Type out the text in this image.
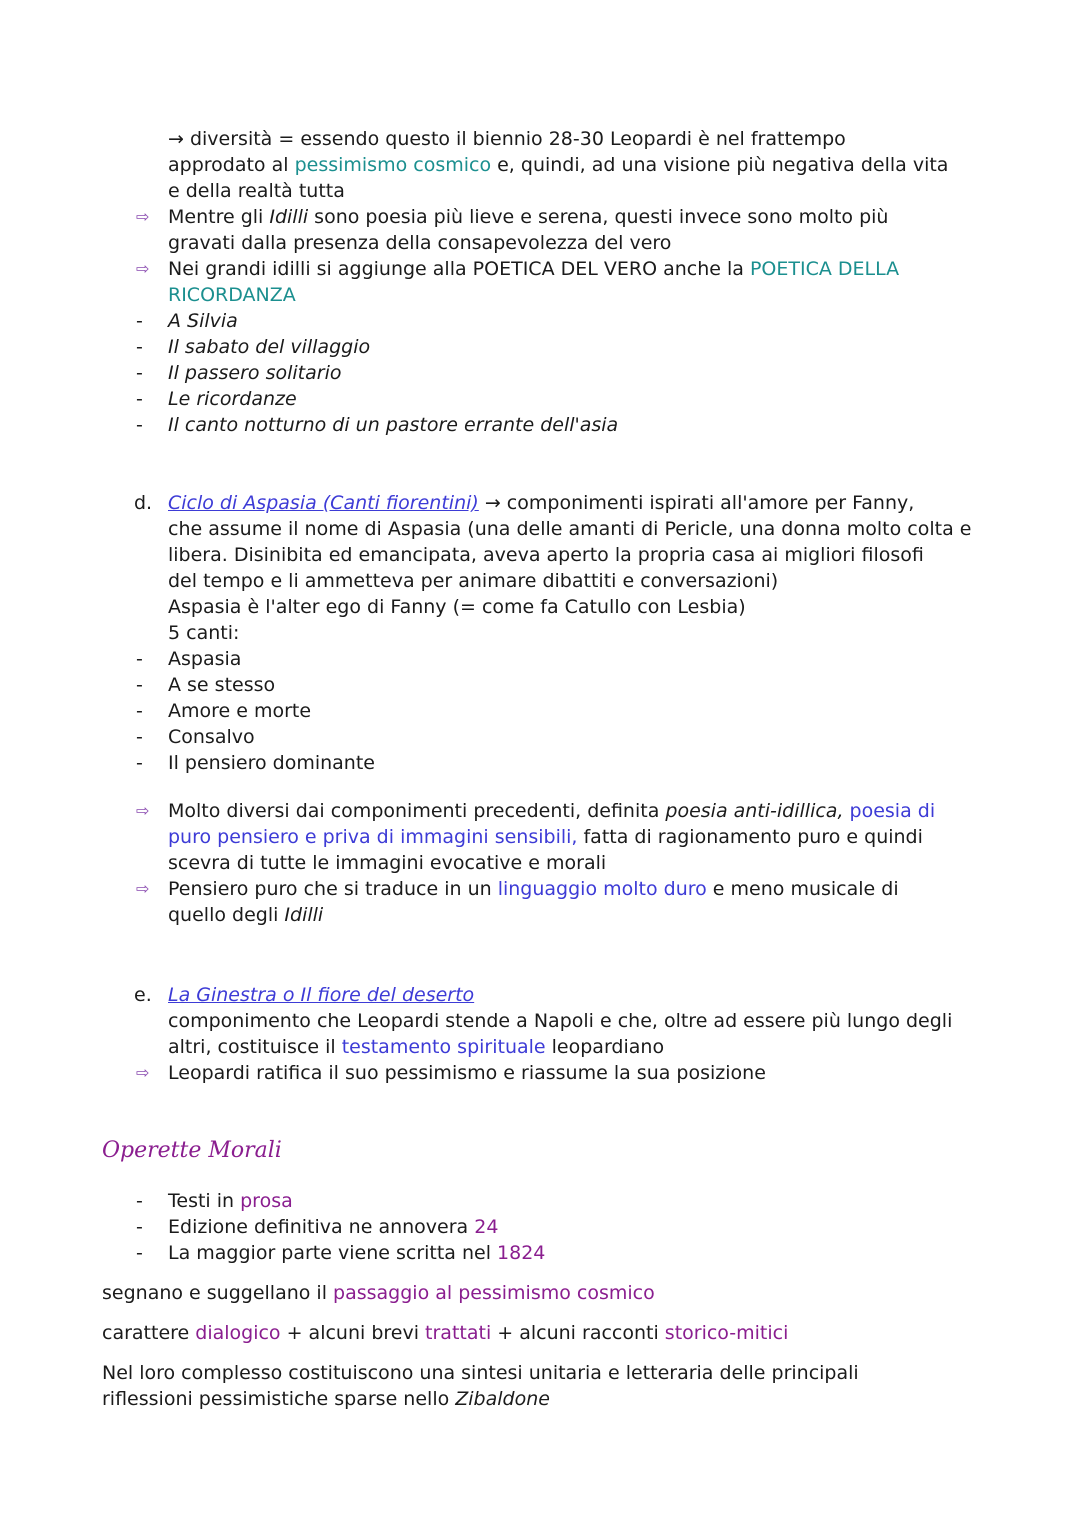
→ diversità = essendo questo il biennio 28-30 Leopardi è nel frattempo
approdato al pessimismo cosmico e, quindi, ad una visione più negativa della vita
e della realtà tutta
⇨ Mentre gli Idilli sono poesia più lieve e serena, questi invece sono molto più
gravati dalla presenza della consapevolezza del vero
⇨ Nei grandi idilli si aggiunge alla POETICA DEL VERO anche la POETICA DELLA
RICORDANZA
- A Silvia
- Il sabato del villaggio
- Il passero solitario
- Le ricordanze
- Il canto notturno di un pastore errante dell'asia
d. Ciclo di Aspasia (Canti fiorentini) → componimenti ispirati all'amore per Fanny,
che assume il nome di Aspasia (una delle amanti di Pericle, una donna molto colta e
libera. Disinibita ed emancipata, aveva aperto la propria casa ai migliori filosofi
del tempo e li ammetteva per animare dibattiti e conversazioni)
Aspasia è l'alter ego di Fanny (= come fa Catullo con Lesbia)
5 canti:
- Aspasia
- A se stesso
- Amore e morte
- Consalvo
- Il pensiero dominante
⇨ Molto diversi dai componimenti precedenti, definita poesia anti-idillica, poesia di
puro pensiero e priva di immagini sensibili, fatta di ragionamento puro e quindi
scevra di tutte le immagini evocative e morali
⇨ Pensiero puro che si traduce in un linguaggio molto duro e meno musicale di
quello degli Idilli
e. La Ginestra o Il fiore del deserto
componimento che Leopardi stende a Napoli e che, oltre ad essere più lungo degli
altri, costituisce il testamento spirituale leopardiano
⇨ Leopardi ratifica il suo pessimismo e riassume la sua posizione
Operette Morali
- Testi in prosa
- Edizione definitiva ne annovera 24
- La maggior parte viene scritta nel 1824
segnano e suggellano il passaggio al pessimismo cosmico
carattere dialogico + alcuni brevi trattati + alcuni racconti storico-mitici
Nel loro complesso costituiscono una sintesi unitaria e letteraria delle principali
riflessioni pessimistiche sparse nello Zibaldone
